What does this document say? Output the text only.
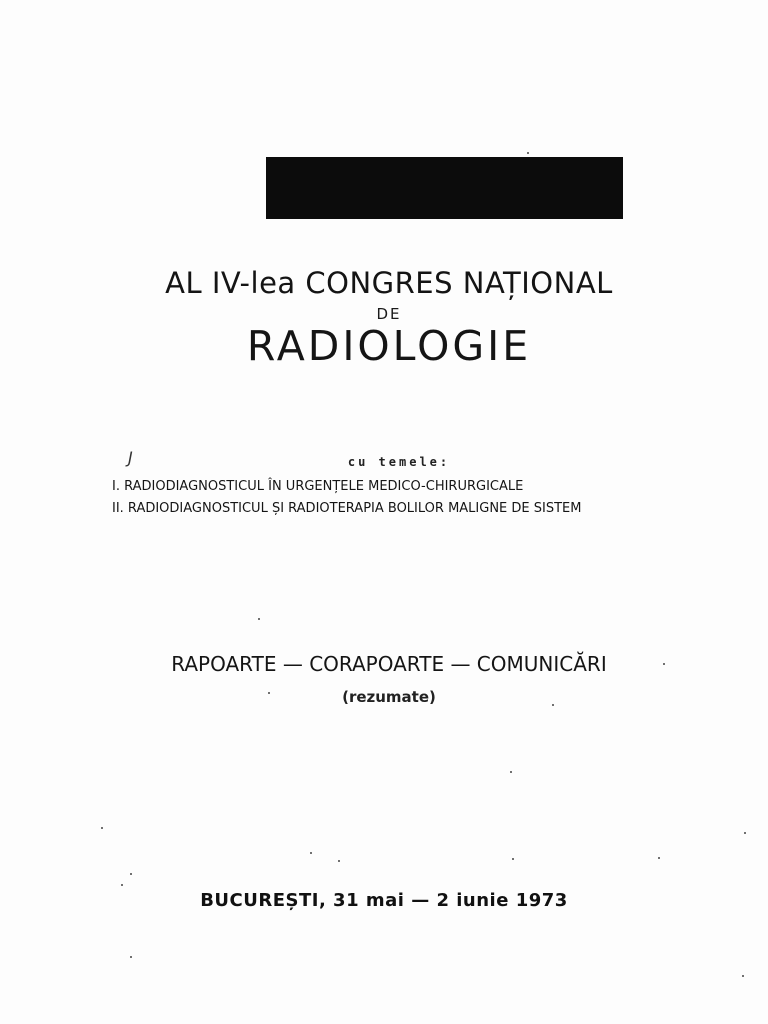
AL IV-lea CONGRES NAȚIONAL
DE
RADIOLOGIE
J	cu temele:
I. RADIODIAGNOSTICUL ÎN URGENȚELE MEDICO-CHIRURGICALE
II. RADIODIAGNOSTICUL ȘI RADIOTERAPIA BOLILOR MALIGNE DE SISTEM
RAPOARTE — CORAPOARTE — COMUNICĂRI
(rezumate)
BUCUREȘTI, 31 mai — 2 iunie 1973
